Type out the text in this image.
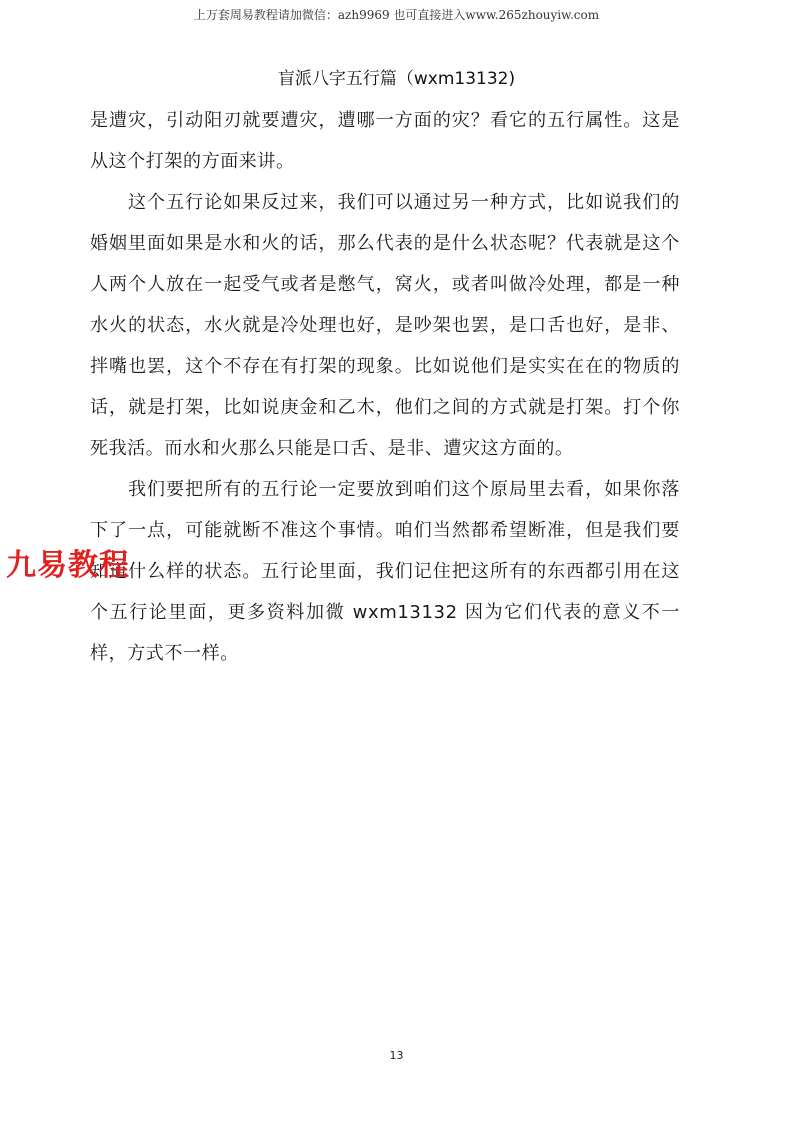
上万套周易教程请加微信：azh9969 也可直接进入www.265zhouyiw.com
盲派八字五行篇（wxm13132)

是遭灾，引动阳刃就要遭灾，遭哪一方面的灾？看它的五行属性。这是从这个打架的方面来讲。

这个五行论如果反过来，我们可以通过另一种方式，比如说我们的婚姻里面如果是水和火的话，那么代表的是什么状态呢？代表就是这个人两个人放在一起受气或者是憋气，窝火，或者叫做冷处理，都是一种水火的状态，水火就是冷处理也好，是吵架也罢，是口舌也好，是非、拌嘴也罢，这个不存在有打架的现象。比如说他们是实实在在的物质的话，就是打架，比如说庚金和乙木，他们之间的方式就是打架。打个你死我活。而水和火那么只能是口舌、是非、遭灾这方面的。

我们要把所有的五行论一定要放到咱们这个原局里去看，如果你落下了一点，可能就断不准这个事情。咱们当然都希望断准，但是我们要知道什么样的状态。五行论里面，我们记住把这所有的东西都引用在这个五行论里面，更多资料加微 wxm13132 因为它们代表的意义不一样，方式不一样。

九易教程
13
